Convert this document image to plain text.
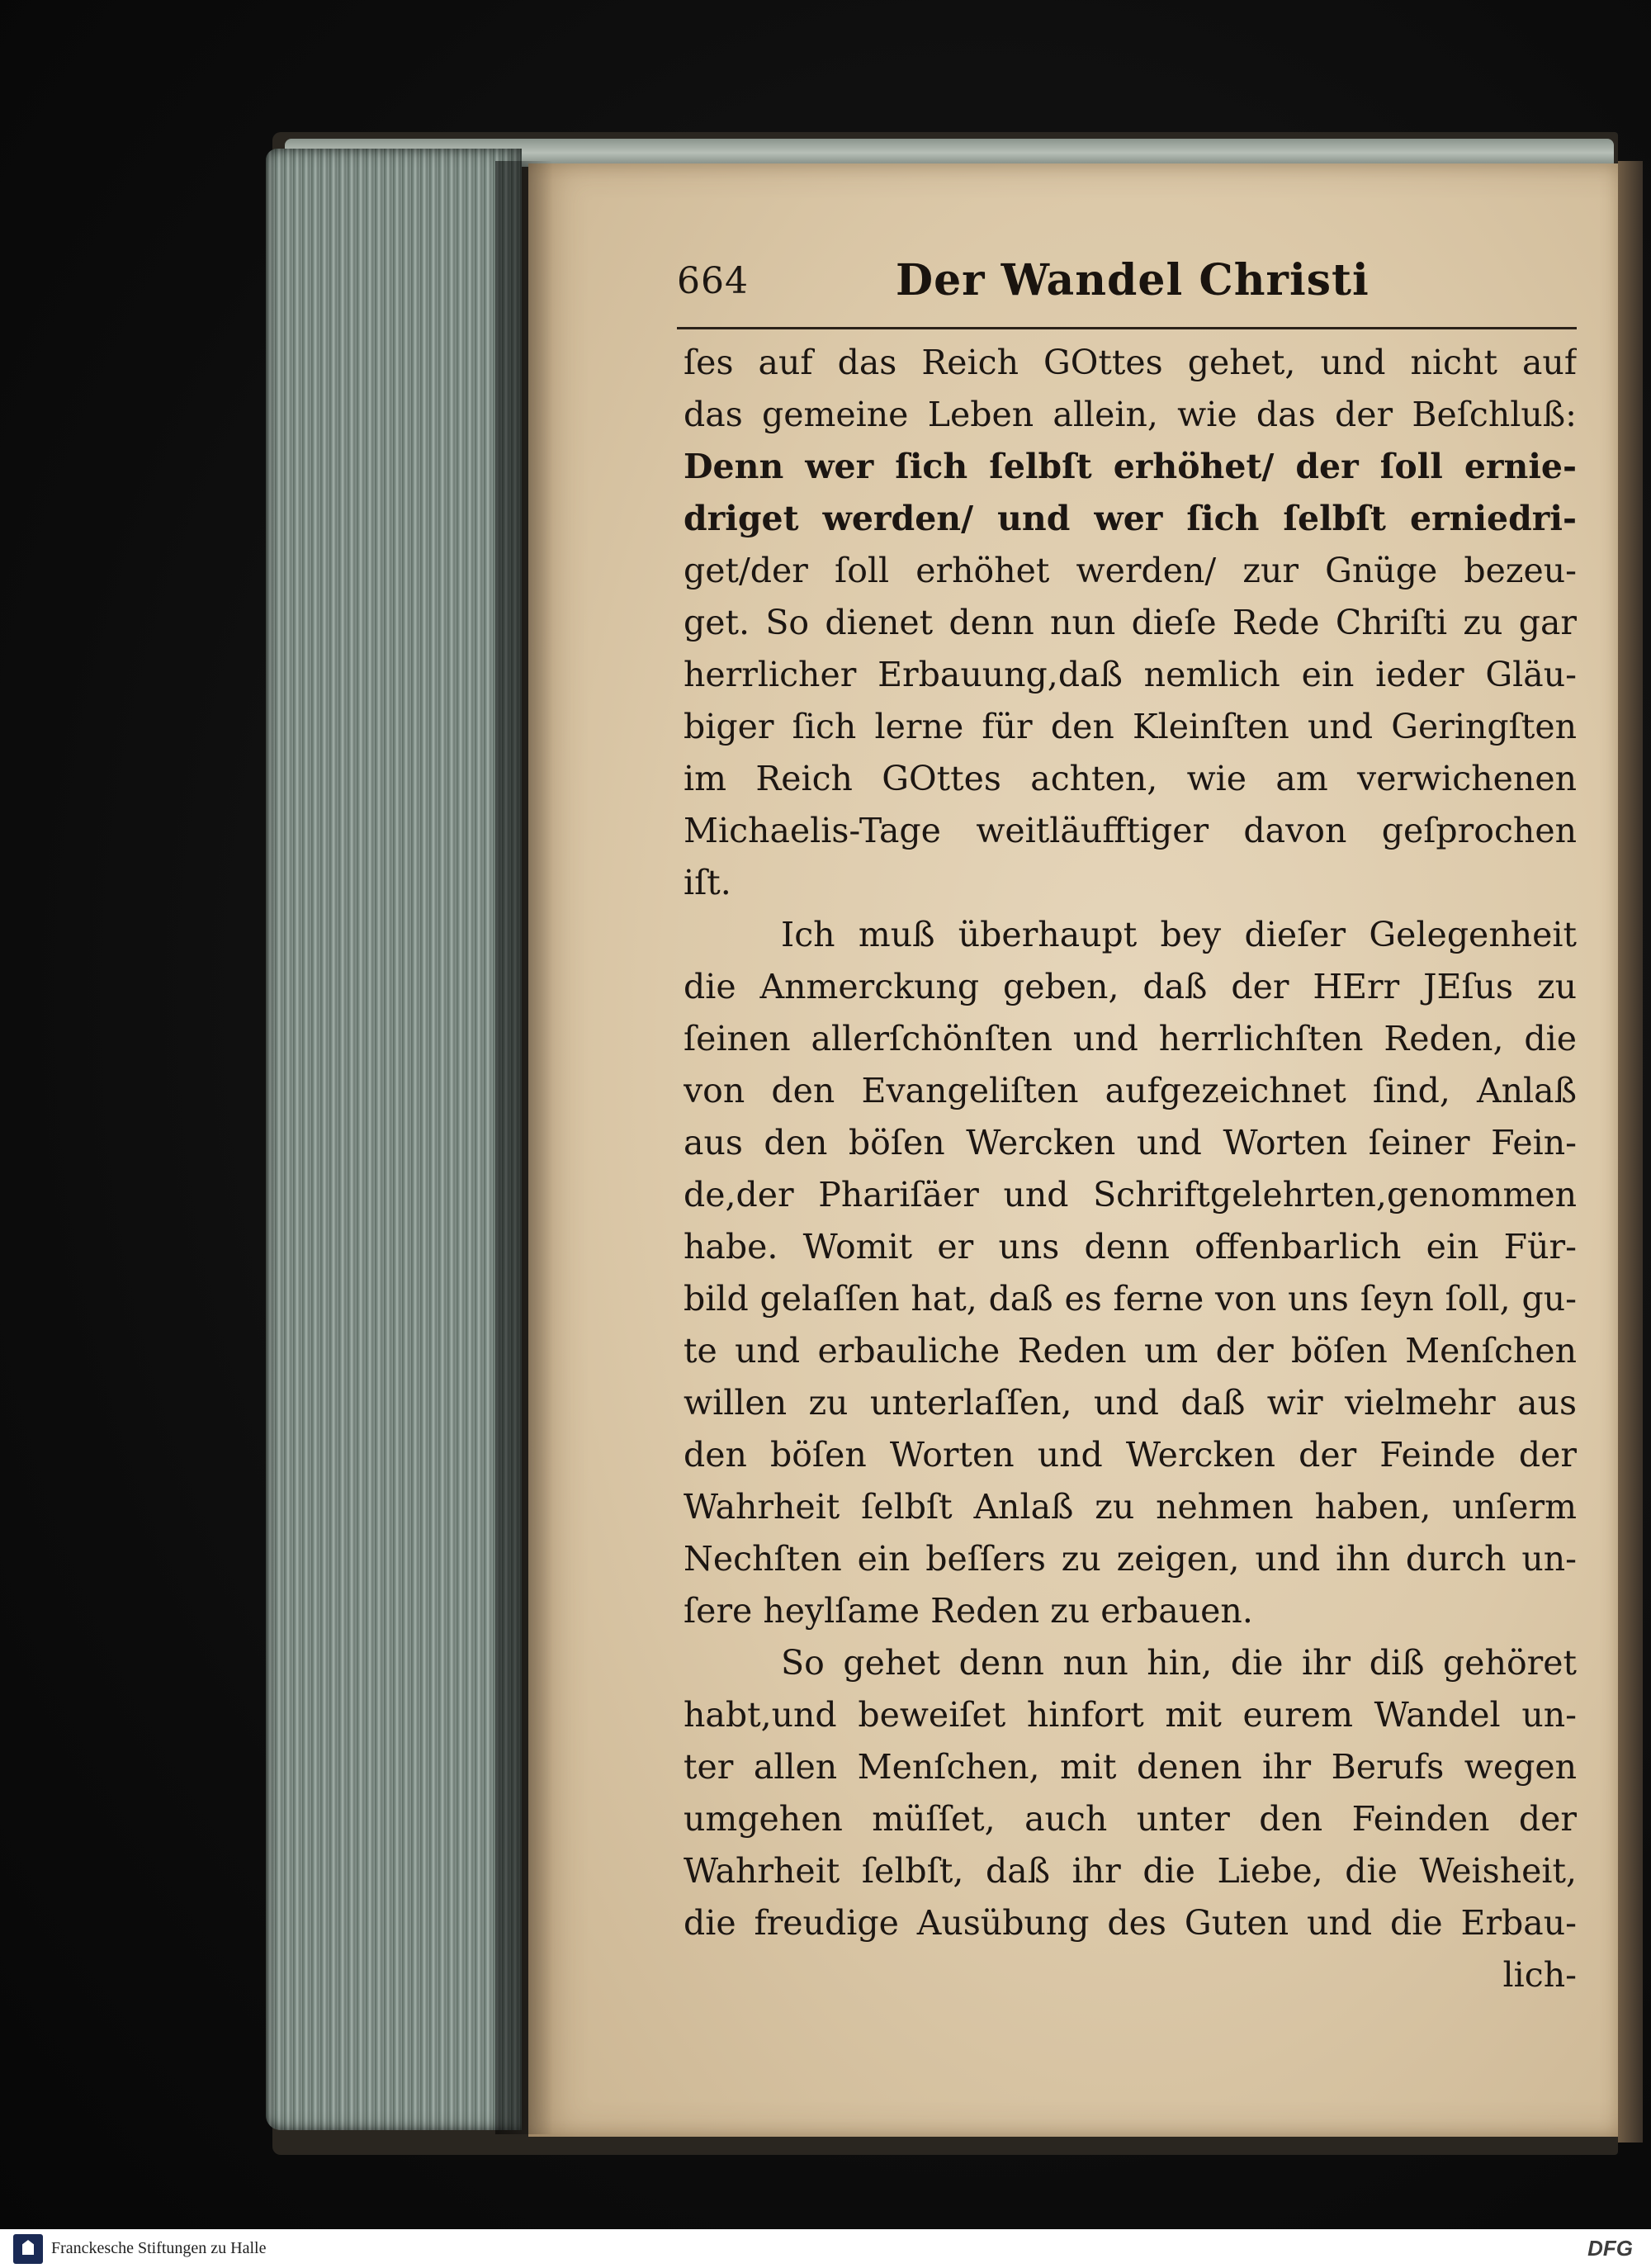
664	Der Wandel Christi
ſes auf das Reich GOttes gehet, und nicht auf
das gemeine Leben allein, wie das der Beſchluß:
Denn wer ſich ſelbſt erhöhet/ der ſoll ernie-
driget werden/ und wer ſich ſelbſt erniedri-
get/der ſoll erhöhet werden/ zur Gnüge bezeu-
get. So dienet denn nun dieſe Rede Chriſti zu gar
herrlicher Erbauung,daß nemlich ein ieder Gläu-
biger ſich lerne für den Kleinſten und Geringſten
im Reich GOttes achten, wie am verwichenen
Michaelis-Tage weitläufftiger davon geſprochen
iſt.
Ich muß überhaupt bey dieſer Gelegenheit
die Anmerckung geben, daß der HErr JEſus zu
ſeinen allerſchönſten und herrlichſten Reden, die
von den Evangeliſten aufgezeichnet ſind, Anlaß
aus den böſen Wercken und Worten ſeiner Fein-
de,der Phariſäer und Schriftgelehrten,genommen
habe. Womit er uns denn offenbarlich ein Für-
bild gelaſſen hat, daß es ferne von uns ſeyn ſoll, gu-
te und erbauliche Reden um der böſen Menſchen
willen zu unterlaſſen, und daß wir vielmehr aus
den böſen Worten und Wercken der Feinde der
Wahrheit ſelbſt Anlaß zu nehmen haben, unſerm
Nechſten ein beſſers zu zeigen, und ihn durch un-
ſere heylſame Reden zu erbauen.
So gehet denn nun hin, die ihr diß gehöret
habt,und beweiſet hinfort mit eurem Wandel un-
ter allen Menſchen, mit denen ihr Berufs wegen
umgehen müſſet, auch unter den Feinden der
Wahrheit ſelbſt, daß ihr die Liebe, die Weisheit,
die freudige Ausübung des Guten und die Erbau-
lich-
Franckesche Stiftungen zu Halle	DFG
